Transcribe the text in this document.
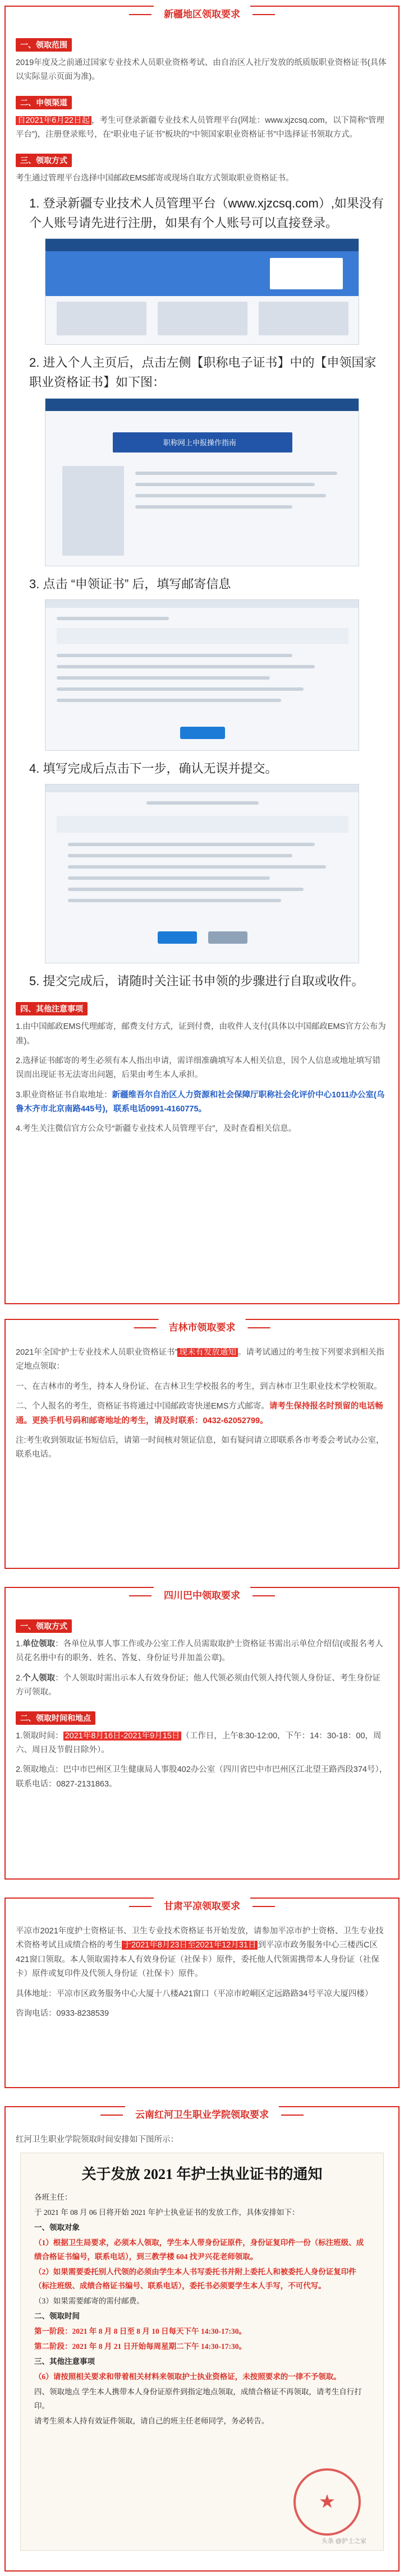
新疆地区领取要求
一、领取范围
2019年度及之前通过国家专业技术人员职业资格考试、由自治区人社厅发放的纸质版职业资格证书(具体以实际显示页面为准)。
二、申领渠道
自2021年6月22日起 ，考生可登录新疆专业技术人员管理平台(网址：www.xjzcsq.com，以下简称“管理平台”)，注册登录账号，在“职业电子证书”板块的“中领国家职业资格证书”中选择证书领取方式。
三、领取方式
考生通过管理平台选择中国邮政EMS邮寄或现场自取方式领取职业资格证书。
1. 登录新疆专业技术人员管理平台（www.xjzcsq.com）,如果没有个人账号请先进行注册，如果有个人账号可以直接登录。
2. 进入个人主页后，点击左侧【职称电子证书】中的【申领国家职业资格证书】如下图：
职称网上申报操作指南
3. 点击 “申领证书” 后，填写邮寄信息
4. 填写完成后点击下一步，确认无误并提交。
5. 提交完成后，请随时关注证书申领的步骤进行自取或收件。
四、其他注意事项
1.由中国邮政EMS代理邮寄，邮费支付方式，证到付费，由收件人支付(具体以中国邮政EMS官方公布为准)。
2.选择证书邮寄的考生必须有本人指出申请，需详细准确填写本人相关信息，因个人信息或地址填写错误而出现证书无法寄出问题，后果由考生本人承担。
3.职业资格证书自取地址：新疆维吾尔自治区人力资源和社会保障厅职称社会化评价中心1011办公室(乌鲁木齐市北京南路445号)，联系电话0991-4160775。
4.考生关注微信官方公众号“新疆专业技术人员管理平台”，及时查看相关信息。
吉林市领取要求
2021年全国“护士专业技术人员职业资格证书” 现未有发放通知 。请考试通过的考生按下列要求到相关指定地点领取：
一、在吉林市的考生，持本人身份证、在吉林卫生学校报名的考生，到吉林市卫生职业技术学校领取。
二、个人报名的考生，资格证书将通过中国邮政寄快递EMS方式邮寄。请考生保持报名时预留的电话畅通。更换手机号码和邮寄地址的考生，请及时联系：0432-62052799。
注:考生收到领取证书短信后，请第一时间核对领证信息，如有疑问请立即联系各市考委会考试办公室，联系电话。
四川巴中领取要求
一、领取方式
1.单位领取：各单位从事人事工作或办公室工作人员需取取护士资格证书需出示单位介绍信(或报名考人员花名册中有的职务、姓名、答复、身份证号并加盖公章)。
2.个人领取：个人领取时需出示本人有效身份证；他人代领必须由代领人持代领人身份证、考生身份证方可领取。
二、领取时间和地点
1.领取时间： 2021年8月16日-2021年9月15日 （工作日，上午8:30-12:00，下午：14：30-18：00，周六、周日及节假日除外）。
2.领取地点：巴中市巴州区卫生健康局人事股402办公室（四川省巴中市巴州区江北望王路西段374号），联系电话：0827-2131863。
甘肃平凉领取要求
平凉市2021年度护士资格证书、卫生专业技术资格证书开始发放，请参加平凉市护士资格、卫生专业技术资格考试且成绩合格的考生 于2021年8月23日至2021年12月31日 到平凉市政务服务中心三楼西C区421窗口领取。本人领取需持本人有效身份证（社保卡）原件，委托他人代领需携带本人身份证（社保卡）原件或复印件及代领人身份证（社保卡）原件。
具体地址：平凉市区政务服务中心大厦十八楼A21窗口（平凉市崆峒区定远路路34号平凉大厦四楼）
咨询电话：0933-8238539
云南红河卫生职业学院领取要求
红河卫生职业学院领取时间安排如下图所示：
关于发放 2021 年护士执业证书的通知

各班主任：

于 2021 年 08 月 06 日将开始 2021 年护士执业证书的发放工作，具体安排如下：

一、领取对象

（1）根据卫生局要求，必须本人领取，学生本人带身份证原件，身份证复印件一份（标注班级、成绩合格证书编号，联系电话），到三教学楼 604 找尹兴花老师领取。

（2）如果需要委托别人代领的必须由学生本人书写委托书并附上委托人和被委托人身份证复印件（标注班级、成绩合格证书编号、联系电话），委托书必须要学生本人手写，不可代写。

（3）如果需要邮寄的需付邮费。

二、领取时间

第一阶段：2021 年 8 月 8 日至 8 月 10 日每天下午 14:30-17:30。

第二阶段：2021 年 8 月 21 日开始每周星期二下午 14:30-17:30。

三、其他注意事项

（6）请按照相关要求和带着相关材料来领取护士执业资格证，未按照要求的一律不予领取。

四、领取地点 学生本人携带本人身份证原件到指定地点领取，成绩合格证不再领取，请考生自行打印。

请考生须本人持有效证件领取，请自己的班主任老师同学，务必转告。

★
头条 @护士之家
